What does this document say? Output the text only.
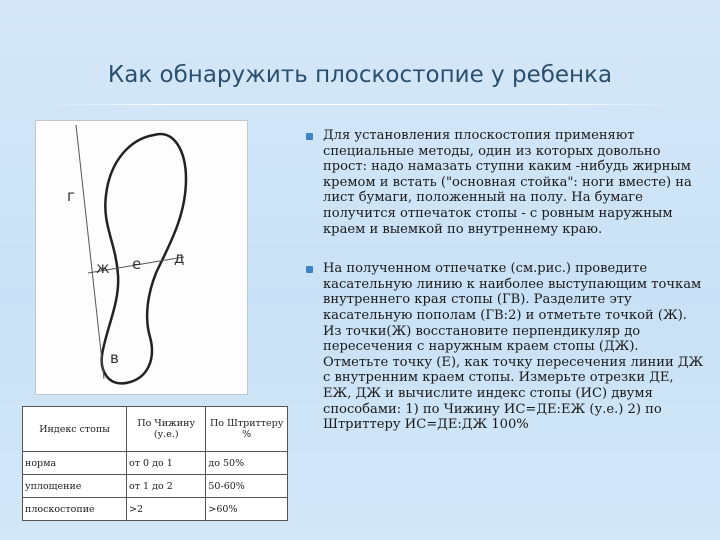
Как обнаружить плоскостопие у ребенка
г
ж е д
в
Индекс стопы	По Чижину (у.е.)	По Штриттеру %
норма	от 0 до 1	до 50%
уплощение	от 1 до 2	50-60%
плоскостопие	>2	>60%

Для установления плоскостопия применяют специальные методы, один из которых довольно прост: надо намазать ступни каким -нибудь жирным кремом и встать ("основная стойка": ноги вместе) на лист бумаги, положенный на полу. На бумаге получится отпечаток стопы - с ровным наружным краем и выемкой по внутреннему краю.

На полученном отпечатке (см.рис.) проведите касательную линию к наиболее выступающим точкам внутреннего края стопы (ГВ). Разделите эту касательную пополам (ГВ:2) и отметьте точкой (Ж). Из точки(Ж) восстановите перпендикуляр до пересечения с наружным краем стопы (ДЖ). Отметьте точку (Е), как точку пересечения линии ДЖ с внутренним краем стопы. Измерьте отрезки ДЕ, ЕЖ, ДЖ и вычислите индекс стопы (ИС) двумя способами: 1) по Чижину ИС=ДЕ:ЕЖ (у.е.) 2) по Штриттеру ИС=ДЕ:ДЖ 100%
